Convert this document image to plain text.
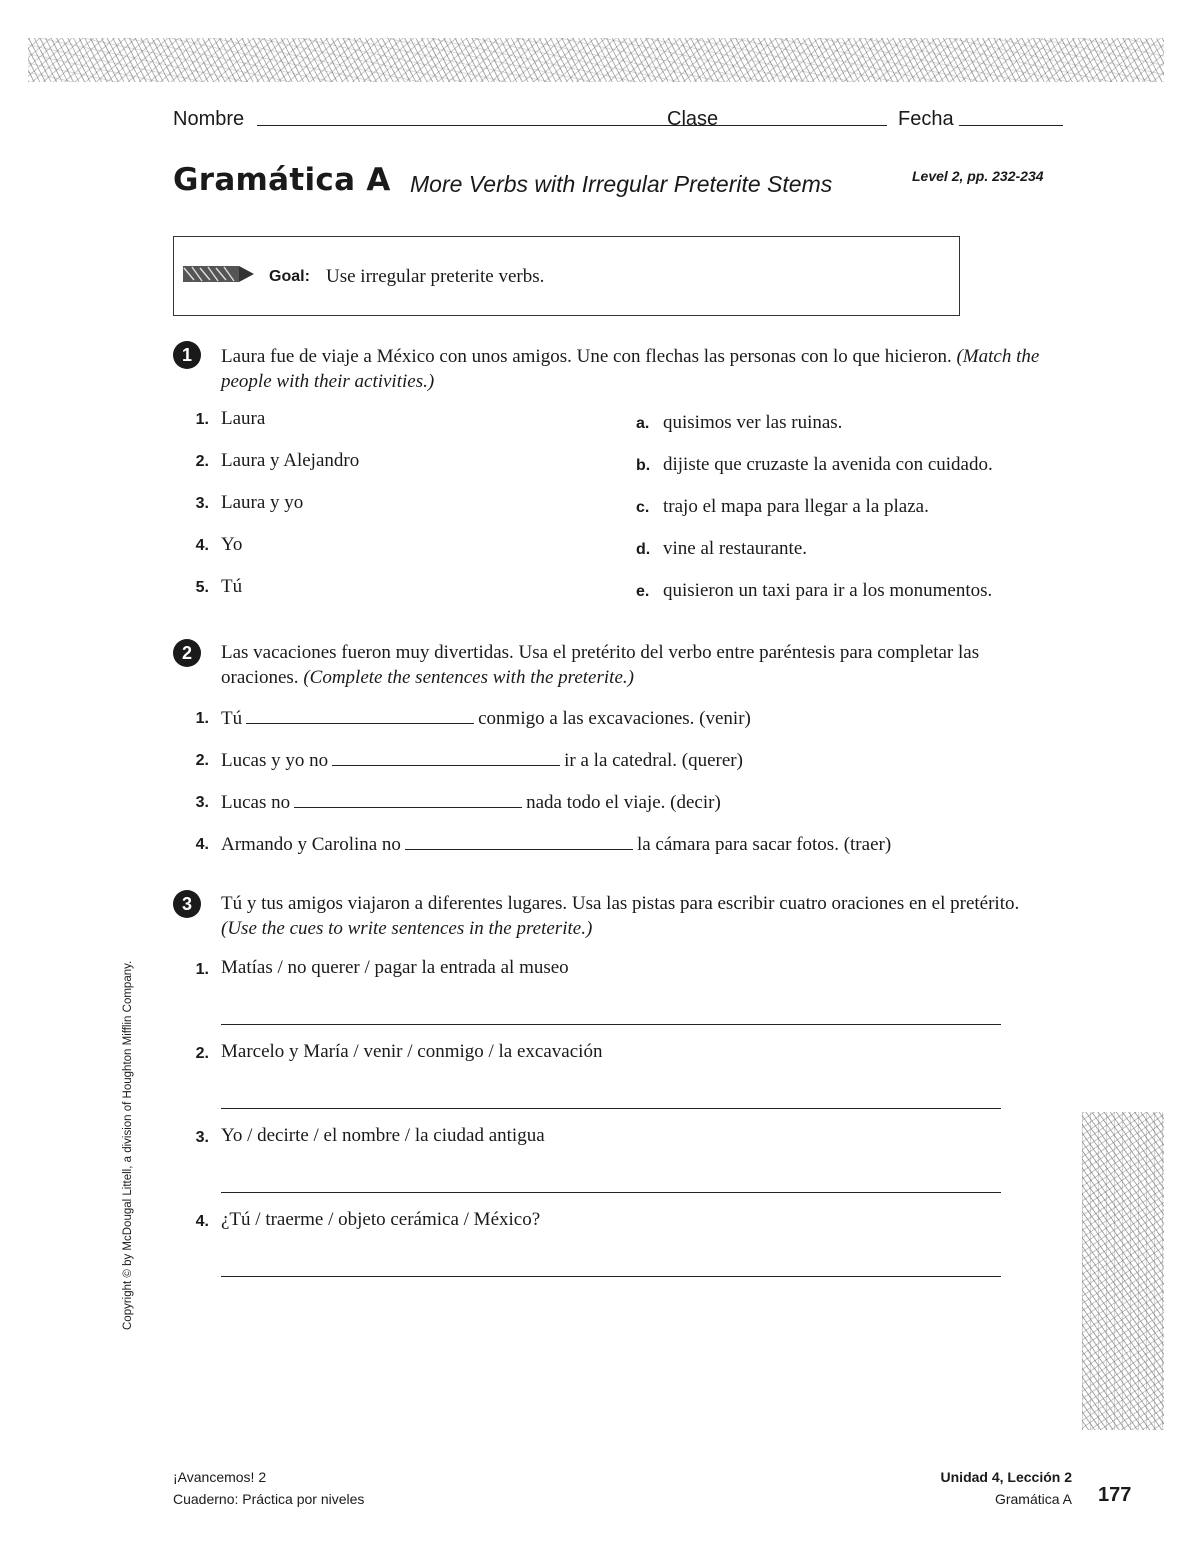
Nombre	Clase	Fecha
Gramática A More Verbs with Irregular Preterite Stems	Level 2, pp. 232-234
Goal: Use irregular preterite verbs.
1	Laura fue de viaje a México con unos amigos. Une con flechas las personas con lo que hicieron. (Match the people with their activities.)
1. Laura
2. Laura y Alejandro
3. Laura y yo
4. Yo
5. Tú
a. quisimos ver las ruinas.
b. dijiste que cruzaste la avenida con cuidado.
c. trajo el mapa para llegar a la plaza.
d. vine al restaurante.
e. quisieron un taxi para ir a los monumentos.
2	Las vacaciones fueron muy divertidas. Usa el pretérito del verbo entre paréntesis para completar las oraciones. (Complete the sentences with the preterite.)
1. Tú	conmigo a las excavaciones. (venir)
2. Lucas y yo no	ir a la catedral. (querer)
3. Lucas no	nada todo el viaje. (decir)
4. Armando y Carolina no	la cámara para sacar fotos. (traer)
3	Tú y tus amigos viajaron a diferentes lugares. Usa las pistas para escribir cuatro oraciones en el pretérito. (Use the cues to write sentences in the preterite.)
1. Matías / no querer / pagar la entrada al museo
2. Marcelo y María / venir / conmigo / la excavación
3. Yo / decirte / el nombre / la ciudad antigua
4. ¿Tú / traerme / objeto cerámica / México?
Copyright © by McDougal Littell, a division of Houghton Mifflin Company.
¡Avancemos! 2
Cuaderno: Práctica por niveles
Unidad 4, Lección 2
Gramática A 177
